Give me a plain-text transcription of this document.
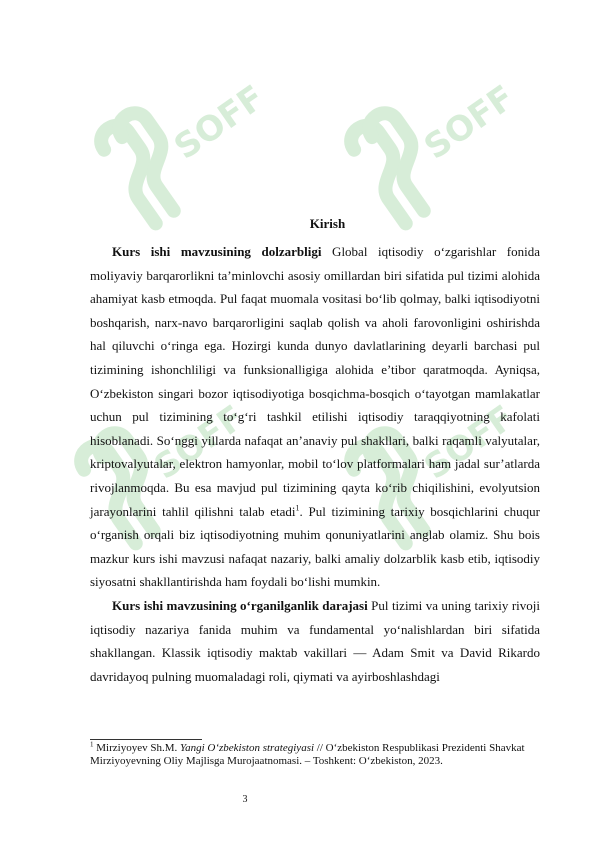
SOFF	SOFF
SOFF	SOFF
Kirish

Kurs ishi mavzusining dolzarbligi Global iqtisodiy o‘zgarishlar fonida moliyaviy barqarorlikni ta’minlovchi asosiy omillardan biri sifatida pul tizimi alohida ahamiyat kasb etmoqda. Pul faqat muomala vositasi bo‘lib qolmay, balki iqtisodiyotni boshqarish, narx-navo barqarorligini saqlab qolish va aholi farovonligini oshirishda hal qiluvchi o‘ringa ega. Hozirgi kunda dunyo davlatlarining deyarli barchasi pul tizimining ishonchliligi va funksionalligiga alohida e’tibor qaratmoqda. Ayniqsa, O‘zbekiston singari bozor iqtisodiyotiga bosqichma-bosqich o‘tayotgan mamlakatlar uchun pul tizimining to‘g‘ri tashkil etilishi iqtisodiy taraqqiyotning kafolati hisoblanadi. So‘nggi yillarda nafaqat an’anaviy pul shakllari, balki raqamli valyutalar, kriptovalyutalar, elektron hamyonlar, mobil to‘lov platformalari ham jadal sur’atlarda rivojlanmoqda. Bu esa mavjud pul tizimining qayta ko‘rib chiqilishini, evolyutsion jarayonlarini tahlil qilishni talab etadi$^1$. Pul tizimining tarixiy bosqichlarini chuqur o‘rganish orqali biz iqtisodiyotning muhim qonuniyatlarini anglab olamiz. Shu bois mazkur kurs ishi mavzusi nafaqat nazariy, balki amaliy dolzarblik kasb etib, iqtisodiy siyosatni shakllantirishda ham foydali bo‘lishi mumkin.

Kurs ishi mavzusining o‘rganilganlik darajasi Pul tizimi va uning tarixiy rivoji iqtisodiy nazariya fanida muhim va fundamental yo‘nalishlardan biri sifatida shakllangan. Klassik iqtisodiy maktab vakillari — Adam Smit va David Rikardo davridayoq pulning muomaladagi roli, qiymati va ayirboshlashdagi

$^1$ Mirziyoyev Sh.M. Yangi O‘zbekiston strategiyasi // O‘zbekiston Respublikasi Prezidenti Shavkat Mirziyoyevning Oliy Majlisga Murojaatnomasi. – Toshkent: O‘zbekiston, 2023.
3
